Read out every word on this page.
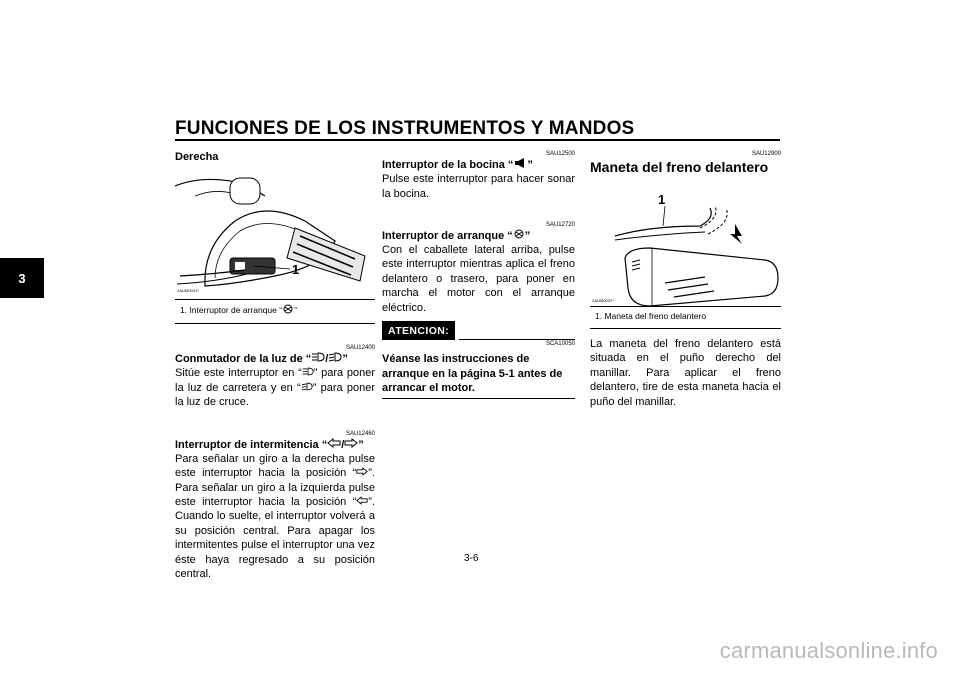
FUNCIONES DE LOS INSTRUMENTOS Y MANDOS
3
Derecha
1
ZAUM0031*
1. Interruptor de arranque “ ”

SAU12400

Conmutador de la luz de “ / ”

Sitúe este interruptor en “ ” para poner la luz de carretera y en “ ” para poner la luz de cruce.

SAU12460

Interruptor de intermitencia “ / ”

Para señalar un giro a la derecha pulse este interruptor hacia la posición “ ”. Para señalar un giro a la izquierda pulse este interruptor hacia la posición “ ”. Cuando lo suelte, el interruptor volverá a su posición central. Para apagar los intermitentes pulse el interruptor una vez éste haya regresado a su posición central.

SAU12500

Interruptor de la bocina “ ”

Pulse este interruptor para hacer sonar la bocina.

SAU12720

Interruptor de arranque “ ”

Con el caballete lateral arriba, pulse este interruptor mientras aplica el freno delantero o trasero, para poner en marcha el motor con el arranque eléctrico.

ATENCION:

SCA10050

Véanse las instrucciones de arranque en la página 5-1 antes de arrancar el motor.

SAU12900

Maneta del freno delantero
1
ZAUM0037*
1. Maneta del freno delantero

La maneta del freno delantero está situada en el puño derecho del manillar. Para aplicar el freno delantero, tire de esta maneta hacia el puño del manillar.

3-6
carmanualsonline.info
